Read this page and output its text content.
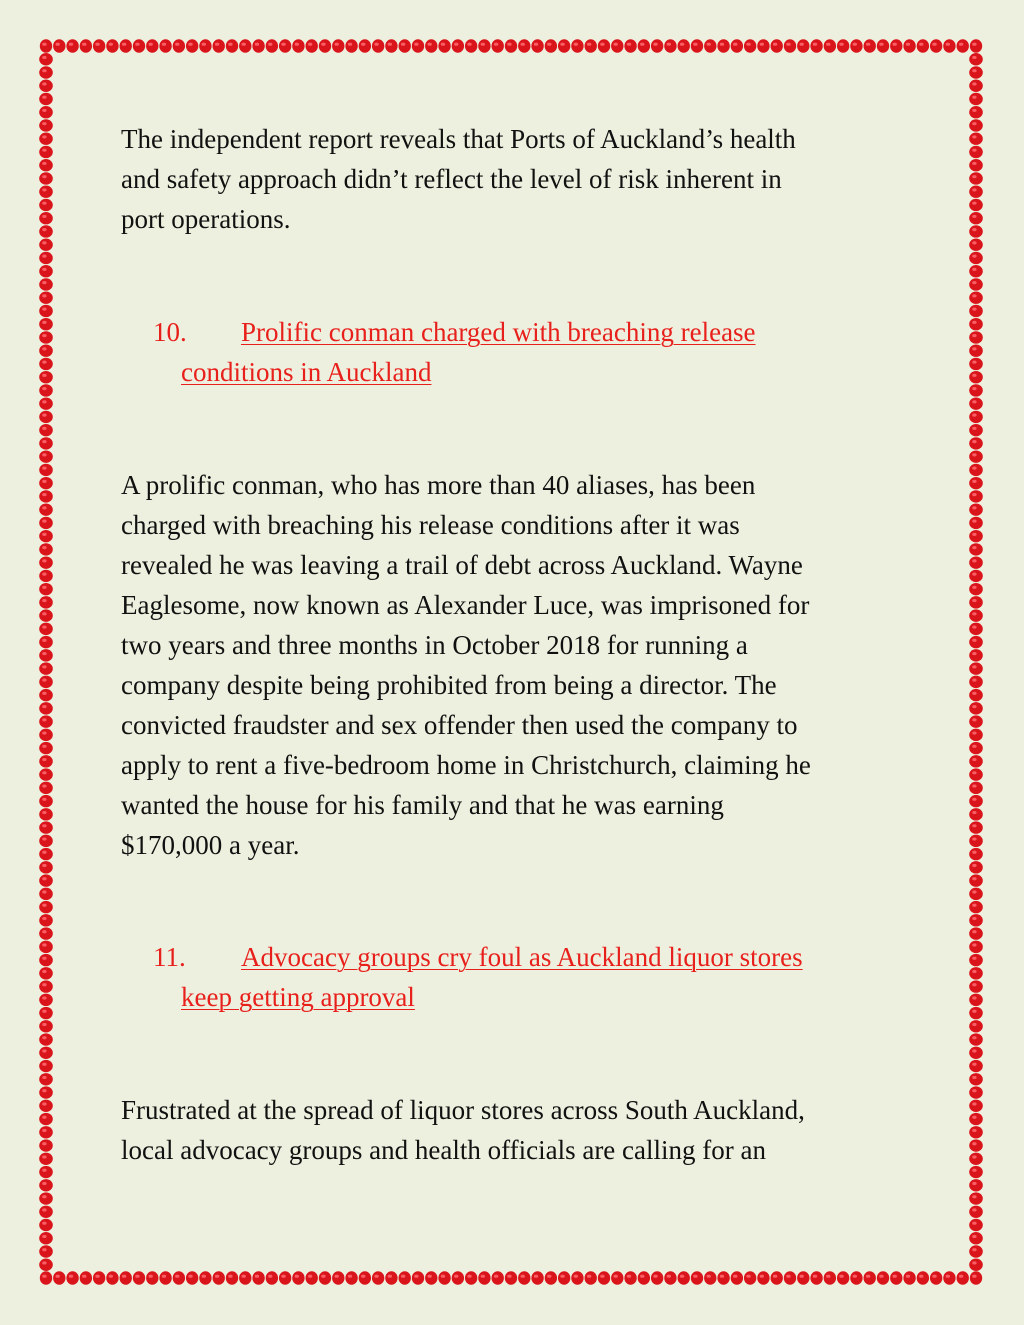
The independent report reveals that Ports of Auckland’s health
and safety approach didn’t reflect the level of risk inherent in
port operations.

10. Prolific conman charged with breaching release
conditions in Auckland

A prolific conman, who has more than 40 aliases, has been
charged with breaching his release conditions after it was
revealed he was leaving a trail of debt across Auckland. Wayne
Eaglesome, now known as Alexander Luce, was imprisoned for
two years and three months in October 2018 for running a
company despite being prohibited from being a director. The
convicted fraudster and sex offender then used the company to
apply to rent a five-bedroom home in Christchurch, claiming he
wanted the house for his family and that he was earning
$170,000 a year.

11. Advocacy groups cry foul as Auckland liquor stores
keep getting approval

Frustrated at the spread of liquor stores across South Auckland,
local advocacy groups and health officials are calling for an
